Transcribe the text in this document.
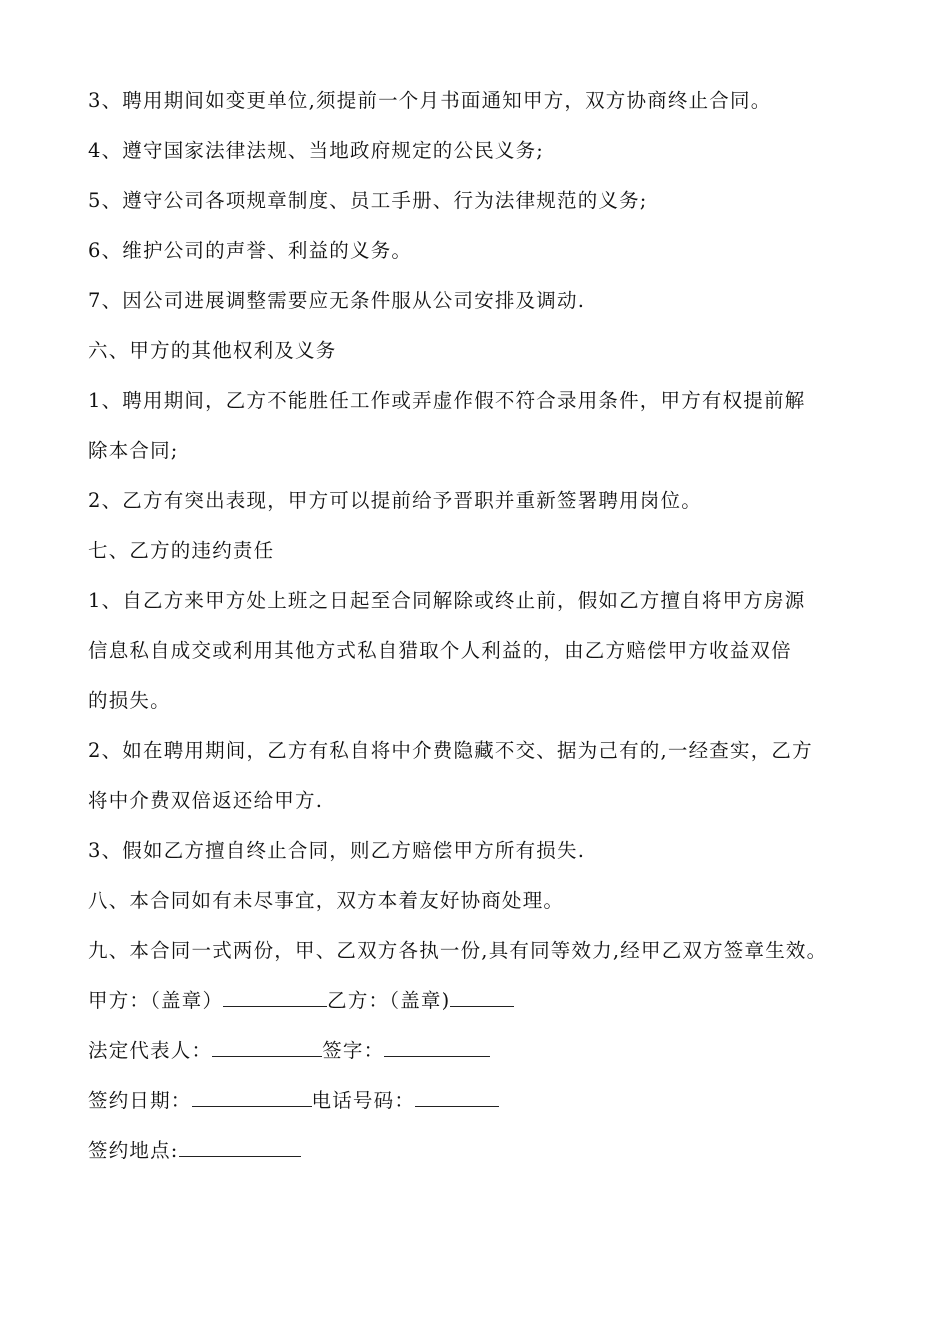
3、聘用期间如变更单位,须提前一个月书面通知甲方，双方协商终止合同。
4、遵守国家法律法规、当地政府规定的公民义务;
5、遵守公司各项规章制度、员工手册、行为法律规范的义务;
6、维护公司的声誉、利益的义务。
7、因公司进展调整需要应无条件服从公司安排及调动.
六、甲方的其他权利及义务
1、聘用期间，乙方不能胜任工作或弄虚作假不符合录用条件，甲方有权提前解
除本合同;
2、乙方有突出表现，甲方可以提前给予晋职并重新签署聘用岗位。
七、乙方的违约责任
1、自乙方来甲方处上班之日起至合同解除或终止前，假如乙方擅自将甲方房源
信息私自成交或利用其他方式私自猎取个人利益的，由乙方赔偿甲方收益双倍
的损失。
2、如在聘用期间，乙方有私自将中介费隐藏不交、据为己有的,一经查实，乙方
将中介费双倍返还给甲方.
3、假如乙方擅自终止合同，则乙方赔偿甲方所有损失.
八、本合同如有未尽事宜，双方本着友好协商处理。
九、本合同一式两份，甲、乙双方各执一份,具有同等效力,经甲乙双方签章生效。
甲方：（盖章）	乙方：（盖章)
法定代表人：	签字：
签约日期：	电话号码：
签约地点:
